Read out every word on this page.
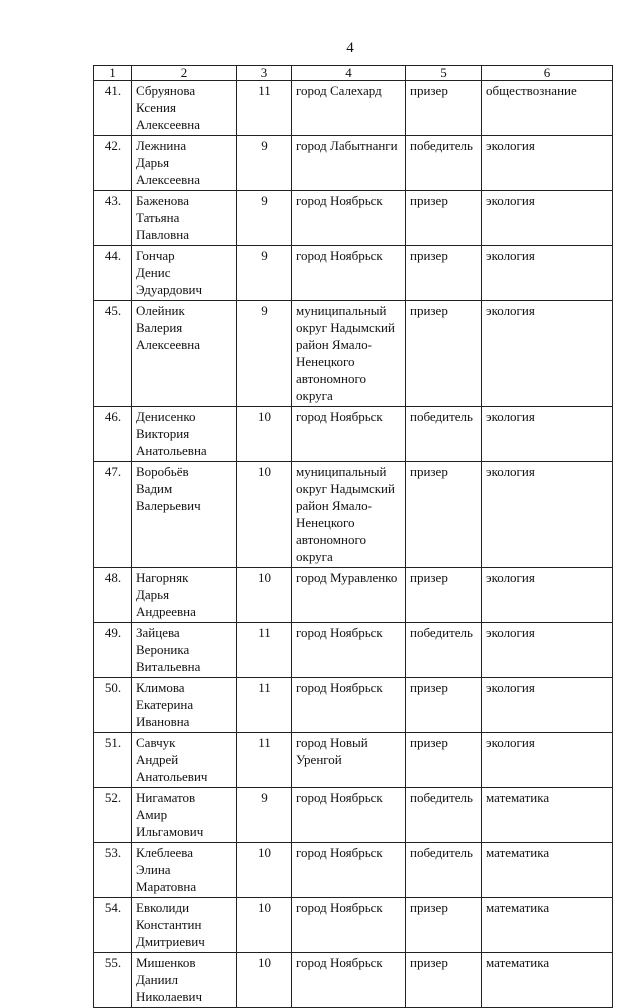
4
1	2	3	4	5	6
41.	Сбруянова
Ксения
Алексеевна	11	город Салехард	призер	обществознание
42.	Лежнина
Дарья
Алексеевна	9	город Лабытнанги	победитель	экология
43.	Баженова
Татьяна
Павловна	9	город Ноябрьск	призер	экология
44.	Гончар
Денис
Эдуардович	9	город Ноябрьск	призер	экология
45.	Олейник
Валерия
Алексеевна	9	муниципальный округ Надымский район Ямало-Ненецкого автономного округа	призер	экология
46.	Денисенко
Виктория
Анатольевна	10	город Ноябрьск	победитель	экология
47.	Воробьёв
Вадим
Валерьевич	10	муниципальный округ Надымский район Ямало-Ненецкого автономного округа	призер	экология
48.	Нагорняк
Дарья
Андреевна	10	город Муравленко	призер	экология
49.	Зайцева
Вероника
Витальевна	11	город Ноябрьск	победитель	экология
50.	Климова
Екатерина
Ивановна	11	город Ноябрьск	призер	экология
51.	Савчук
Андрей
Анатольевич	11	город Новый Уренгой	призер	экология
52.	Нигаматов
Амир
Ильгамович	9	город Ноябрьск	победитель	математика
53.	Клеблеева
Элина
Маратовна	10	город Ноябрьск	победитель	математика
54.	Евколиди
Константин
Дмитриевич	10	город Ноябрьск	призер	математика
55.	Мишенков
Даниил
Николаевич	10	город Ноябрьск	призер	математика
